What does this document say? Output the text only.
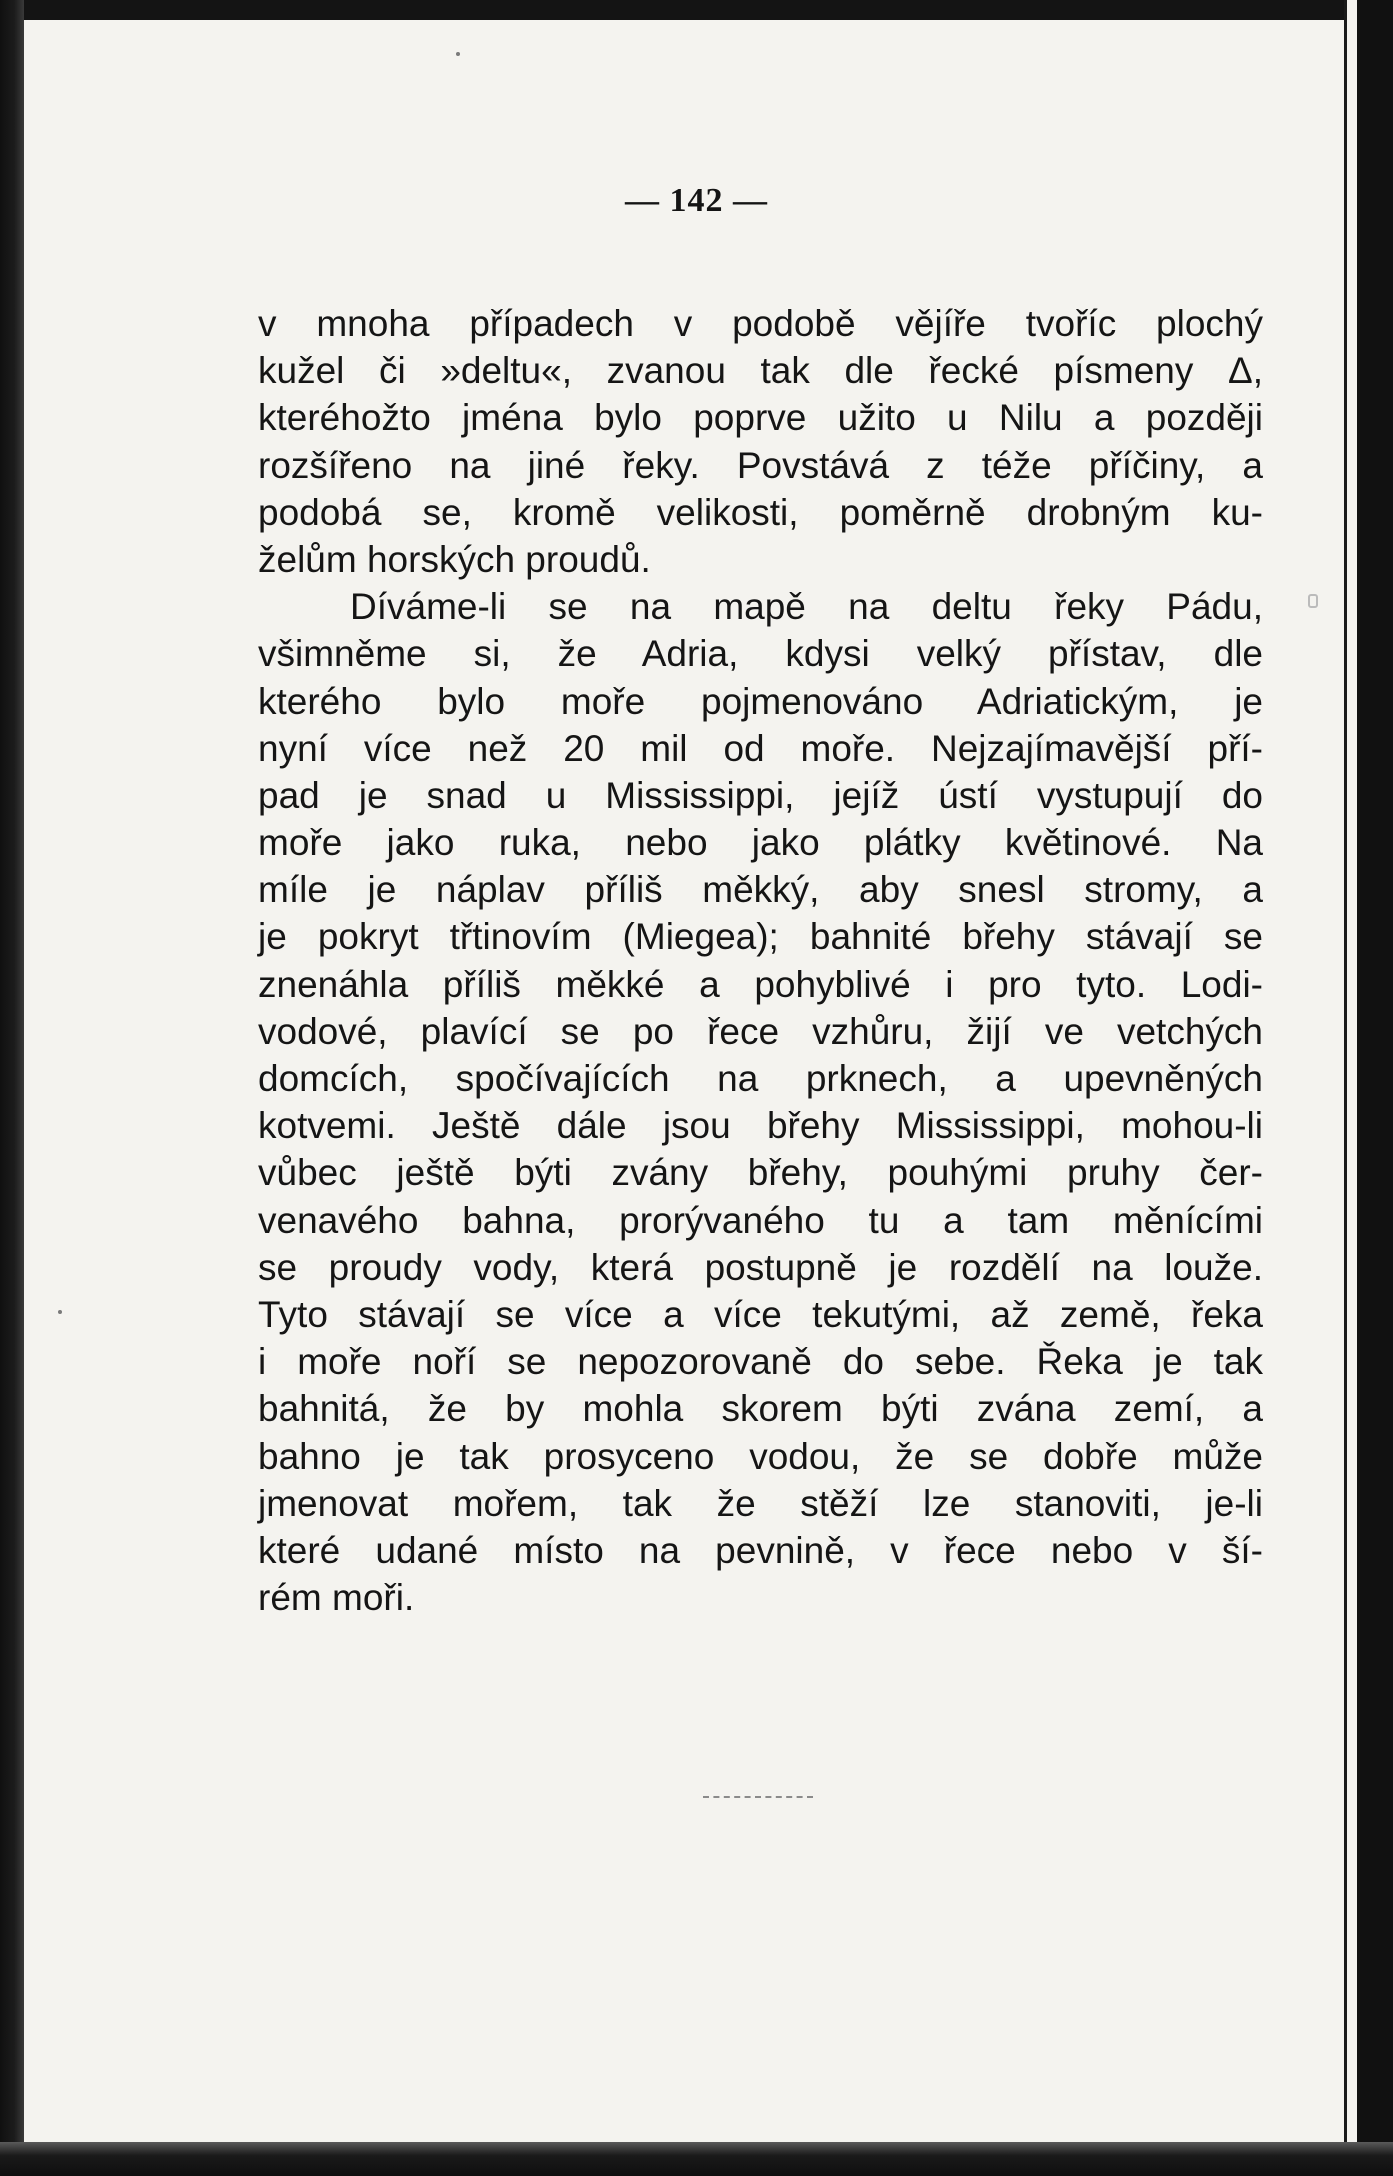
— 142 —
v mnoha případech v podobě vějíře tvoříc plochý
kužel či »deltu«, zvanou tak dle řecké písmeny Δ,
kteréhožto jména bylo poprve užito u Nilu a později
rozšířeno na jiné řeky. Povstává z téže příčiny, a
podobá se, kromě velikosti, poměrně drobným ku-
želům horských proudů.
Díváme-li se na mapě na deltu řeky Pádu,
všimněme si, že Adria, kdysi velký přístav, dle
kterého bylo moře pojmenováno Adriatickým, je
nyní více než 20 mil od moře. Nejzajímavější pří-
pad je snad u Mississippi, jejíž ústí vystupují do
moře jako ruka, nebo jako plátky květinové. Na
míle je náplav příliš měkký, aby snesl stromy, a
je pokryt třtinovím (Miegea); bahnité břehy stávají se
znenáhla příliš měkké a pohyblivé i pro tyto. Lodi-
vodové, plavící se po řece vzhůru, žijí ve vetchých
domcích, spočívajících na prknech, a upevněných
kotvemi. Ještě dále jsou břehy Mississippi, mohou-li
vůbec ještě býti zvány břehy, pouhými pruhy čer-
venavého bahna, prorývaného tu a tam měnícími
se proudy vody, která postupně je rozdělí na louže.
Tyto stávají se více a více tekutými, až země, řeka
i moře noří se nepozorovaně do sebe. Řeka je tak
bahnitá, že by mohla skorem býti zvána zemí, a
bahno je tak prosyceno vodou, že se dobře může
jmenovat mořem, tak že stěží lze stanoviti, je-li
které udané místo na pevnině, v řece nebo v ší-
rém moři.
